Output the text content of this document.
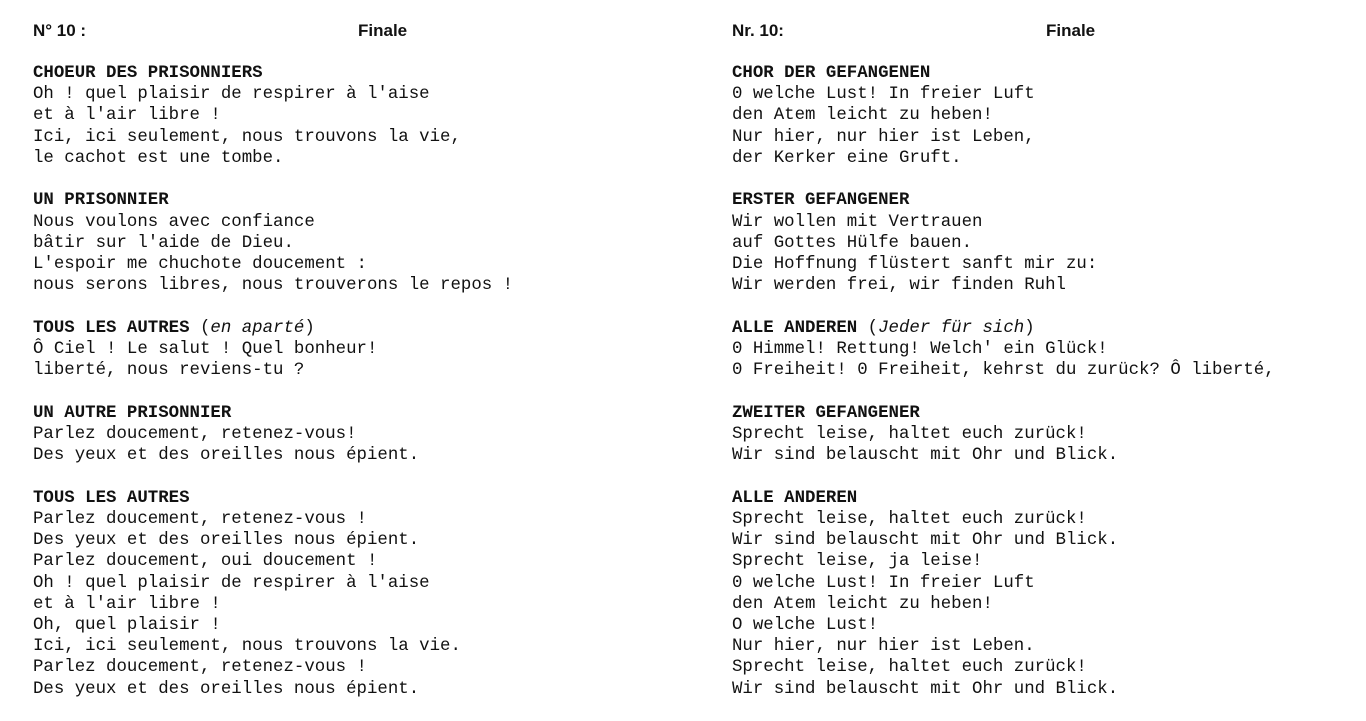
N° 10 :	Finale
CHOEUR DES PRISONNIERS
Oh ! quel plaisir de respirer à l'aise
et à l'air libre !
Ici, ici seulement, nous trouvons la vie,
le cachot est une tombe.
UN PRISONNIER
Nous voulons avec confiance
bâtir sur l'aide de Dieu.
L'espoir me chuchote doucement :
nous serons libres, nous trouverons le repos !
TOUS LES AUTRES (en aparté)
Ô Ciel ! Le salut ! Quel bonheur!
liberté, nous reviens-tu ?
UN AUTRE PRISONNIER
Parlez doucement, retenez-vous!
Des yeux et des oreilles nous épient.
TOUS LES AUTRES
Parlez doucement, retenez-vous !
Des yeux et des oreilles nous épient.
Parlez doucement, oui doucement !
Oh ! quel plaisir de respirer à l'aise
et à l'air libre !
Oh, quel plaisir !
Ici, ici seulement, nous trouvons la vie.
Parlez doucement, retenez-vous !
Des yeux et des oreilles nous épient.
Nr. 10:	Finale
CHOR DER GEFANGENEN
0 welche Lust! In freier Luft
den Atem leicht zu heben!
Nur hier, nur hier ist Leben,
der Kerker eine Gruft.
ERSTER GEFANGENER
Wir wollen mit Vertrauen
auf Gottes Hülfe bauen.
Die Hoffnung flüstert sanft mir zu:
Wir werden frei, wir finden Ruhl
ALLE ANDEREN (Jeder für sich)
0 Himmel! Rettung! Welch' ein Glück!
0 Freiheit! 0 Freiheit, kehrst du zurück? Ô liberté,
ZWEITER GEFANGENER
Sprecht leise, haltet euch zurück!
Wir sind belauscht mit Ohr und Blick.
ALLE ANDEREN
Sprecht leise, haltet euch zurück!
Wir sind belauscht mit Ohr und Blick.
Sprecht leise, ja leise!
0 welche Lust! In freier Luft
den Atem leicht zu heben!
O welche Lust!
Nur hier, nur hier ist Leben.
Sprecht leise, haltet euch zurück!
Wir sind belauscht mit Ohr und Blick.
